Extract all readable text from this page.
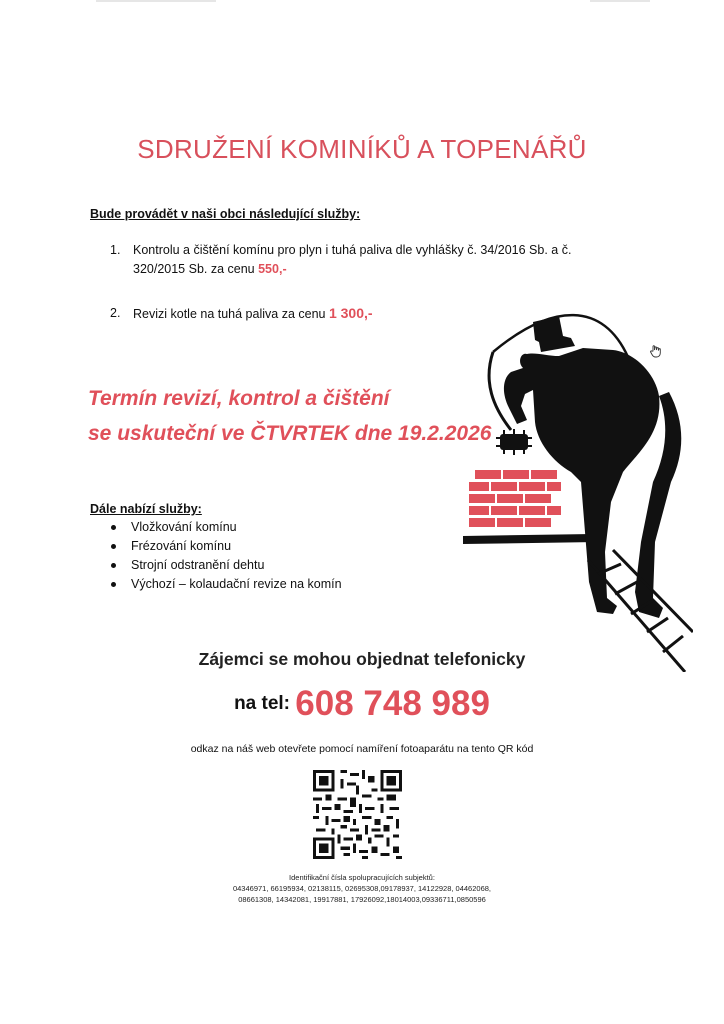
SDRUŽENÍ KOMINÍKŮ A TOPENÁŘŮ
Bude provádět v naši obci následující služby:
1. Kontrolu a čištění komínu pro plyn i tuhá paliva dle vyhlášky č. 34/2016 Sb. a č.
320/2015 Sb. za cenu 550,-
2. Revizi kotle na tuhá paliva za cenu 1 300,-
Termín revizí, kontrol a čištění
se uskuteční ve ČTVRTEK dne 19.2.2026
Dále nabízí služby:
Vložkování komínu
Frézování komínu
Strojní odstranění dehtu
Výchozí – kolaudační revize na komín
Zájemci se mohou objednat telefonicky
na tel: 608 748 989
odkaz na náš web otevřete pomocí namíření fotoaparátu na tento QR kód
Identifikační čísla spolupracujících subjektů:
04346971, 66195934, 02138115, 02695308,09178937, 14122928, 04462068,
08661308, 14342081, 19917881, 17926092,18014003,09336711,0850596
